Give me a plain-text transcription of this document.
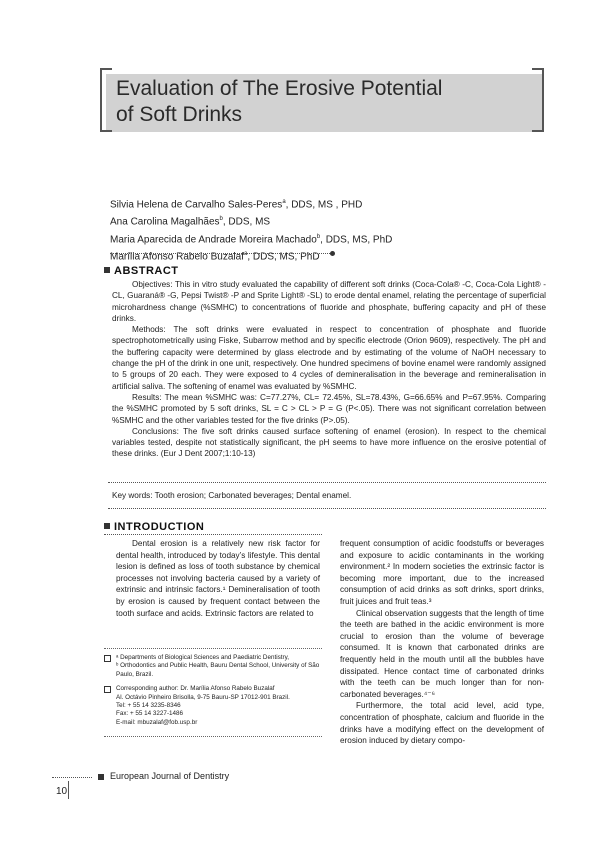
Evaluation of The Erosive Potential
of Soft Drinks
Silvia Helena de Carvalho Sales-Peres$^a$, DDS, MS , PHD
Ana Carolina Magalhães$^b$, DDS, MS
Maria Aparecida de Andrade Moreira Machado$^b$, DDS, MS, PhD
Marília Afonso Rabelo Buzalaf$^a$, DDS, MS, PhD
ABSTRACT

Objectives: This in vitro study evaluated the capability of different soft drinks (Coca-Cola® -C, Coca-Cola Light® -CL, Guaraná® -G, Pepsi Twist® -P and Sprite Light® -SL) to erode dental enamel, relating the percentage of superficial microhardness change (%SMHC) to concentrations of fluoride and phosphate, buffering capacity and pH of these drinks.

Methods: The soft drinks were evaluated in respect to concentration of phosphate and fluoride spectrophotometrically using Fiske, Subarrow method and by specific electrode (Orion 9609), respectively. The pH and the buffering capacity were determined by glass electrode and by estimating of the volume of NaOH necessary to change the pH of the drink in one unit, respectively. One hundred specimens of bovine enamel were randomly assigned to 5 groups of 20 each. They were exposed to 4 cycles of demineralisation in the beverage and remineralisation in artificial saliva. The softening of enamel was evaluated by %SMHC.

Results: The mean %SMHC was: C=77.27%, CL= 72.45%, SL=78.43%, G=66.65% and P=67.95%. Comparing the %SMHC promoted by 5 soft drinks, SL = C > CL > P = G (P<.05). There was not significant correlation between %SMHC and the other variables tested for the five drinks (P>.05).

Conclusions: The five soft drinks caused surface softening of enamel (erosion). In respect to the chemical variables tested, despite not statistically significant, the pH seems to have more influence on the erosive potential of these drinks. (Eur J Dent 2007;1:10-13)

Key words: Tooth erosion; Carbonated beverages; Dental enamel.
INTRODUCTION

Dental erosion is a relatively new risk factor for dental health, introduced by today’s lifestyle. This dental lesion is defined as loss of tooth substance by chemical processes not involving bacteria caused by a variety of extrinsic and intrinsic factors.¹ Demineralisation of tooth by erosion is caused by frequent contact between the tooth surface and acids. Extrinsic factors are related to

frequent consumption of acidic foodstuffs or beverages and exposure to acidic contaminants in the working environment.² In modern societies the extrinsic factor is becoming more important, due to the increased consumption of acid drinks as soft drinks, sport drinks, fruit juices and fruit teas.³

Clinical observation suggests that the length of time the teeth are bathed in the acidic environment is more crucial to erosion than the volume of beverage consumed. It is known that carbonated drinks are frequently held in the mouth until all the bubbles have dissipated. Hence contact time of carbonated drinks with the teeth can be much longer than for non-carbonated beverages.⁴⁻⁶

Furthermore, the total acid level, acid type, concentration of phosphate, calcium and fluoride in the drinks have a modifying effect on the development of erosion induced by dietary compo-

ᵃ Departments of Biological Sciences and Paediatric Dentistry,
ᵇ Orthodontics and Public Health, Bauru Dental School, University of São Paulo, Brazil.
Corresponding author: Dr. Marília Afonso Rabelo Buzalaf
Al. Octávio Pinheiro Brisolla, 9-75 Bauru-SP 17012-901 Brazil.
Tel: + 55 14 3235-8346
Fax: + 55 14 3227-1486
E-mail: mbuzalaf@fob.usp.br
European Journal of Dentistry
10
